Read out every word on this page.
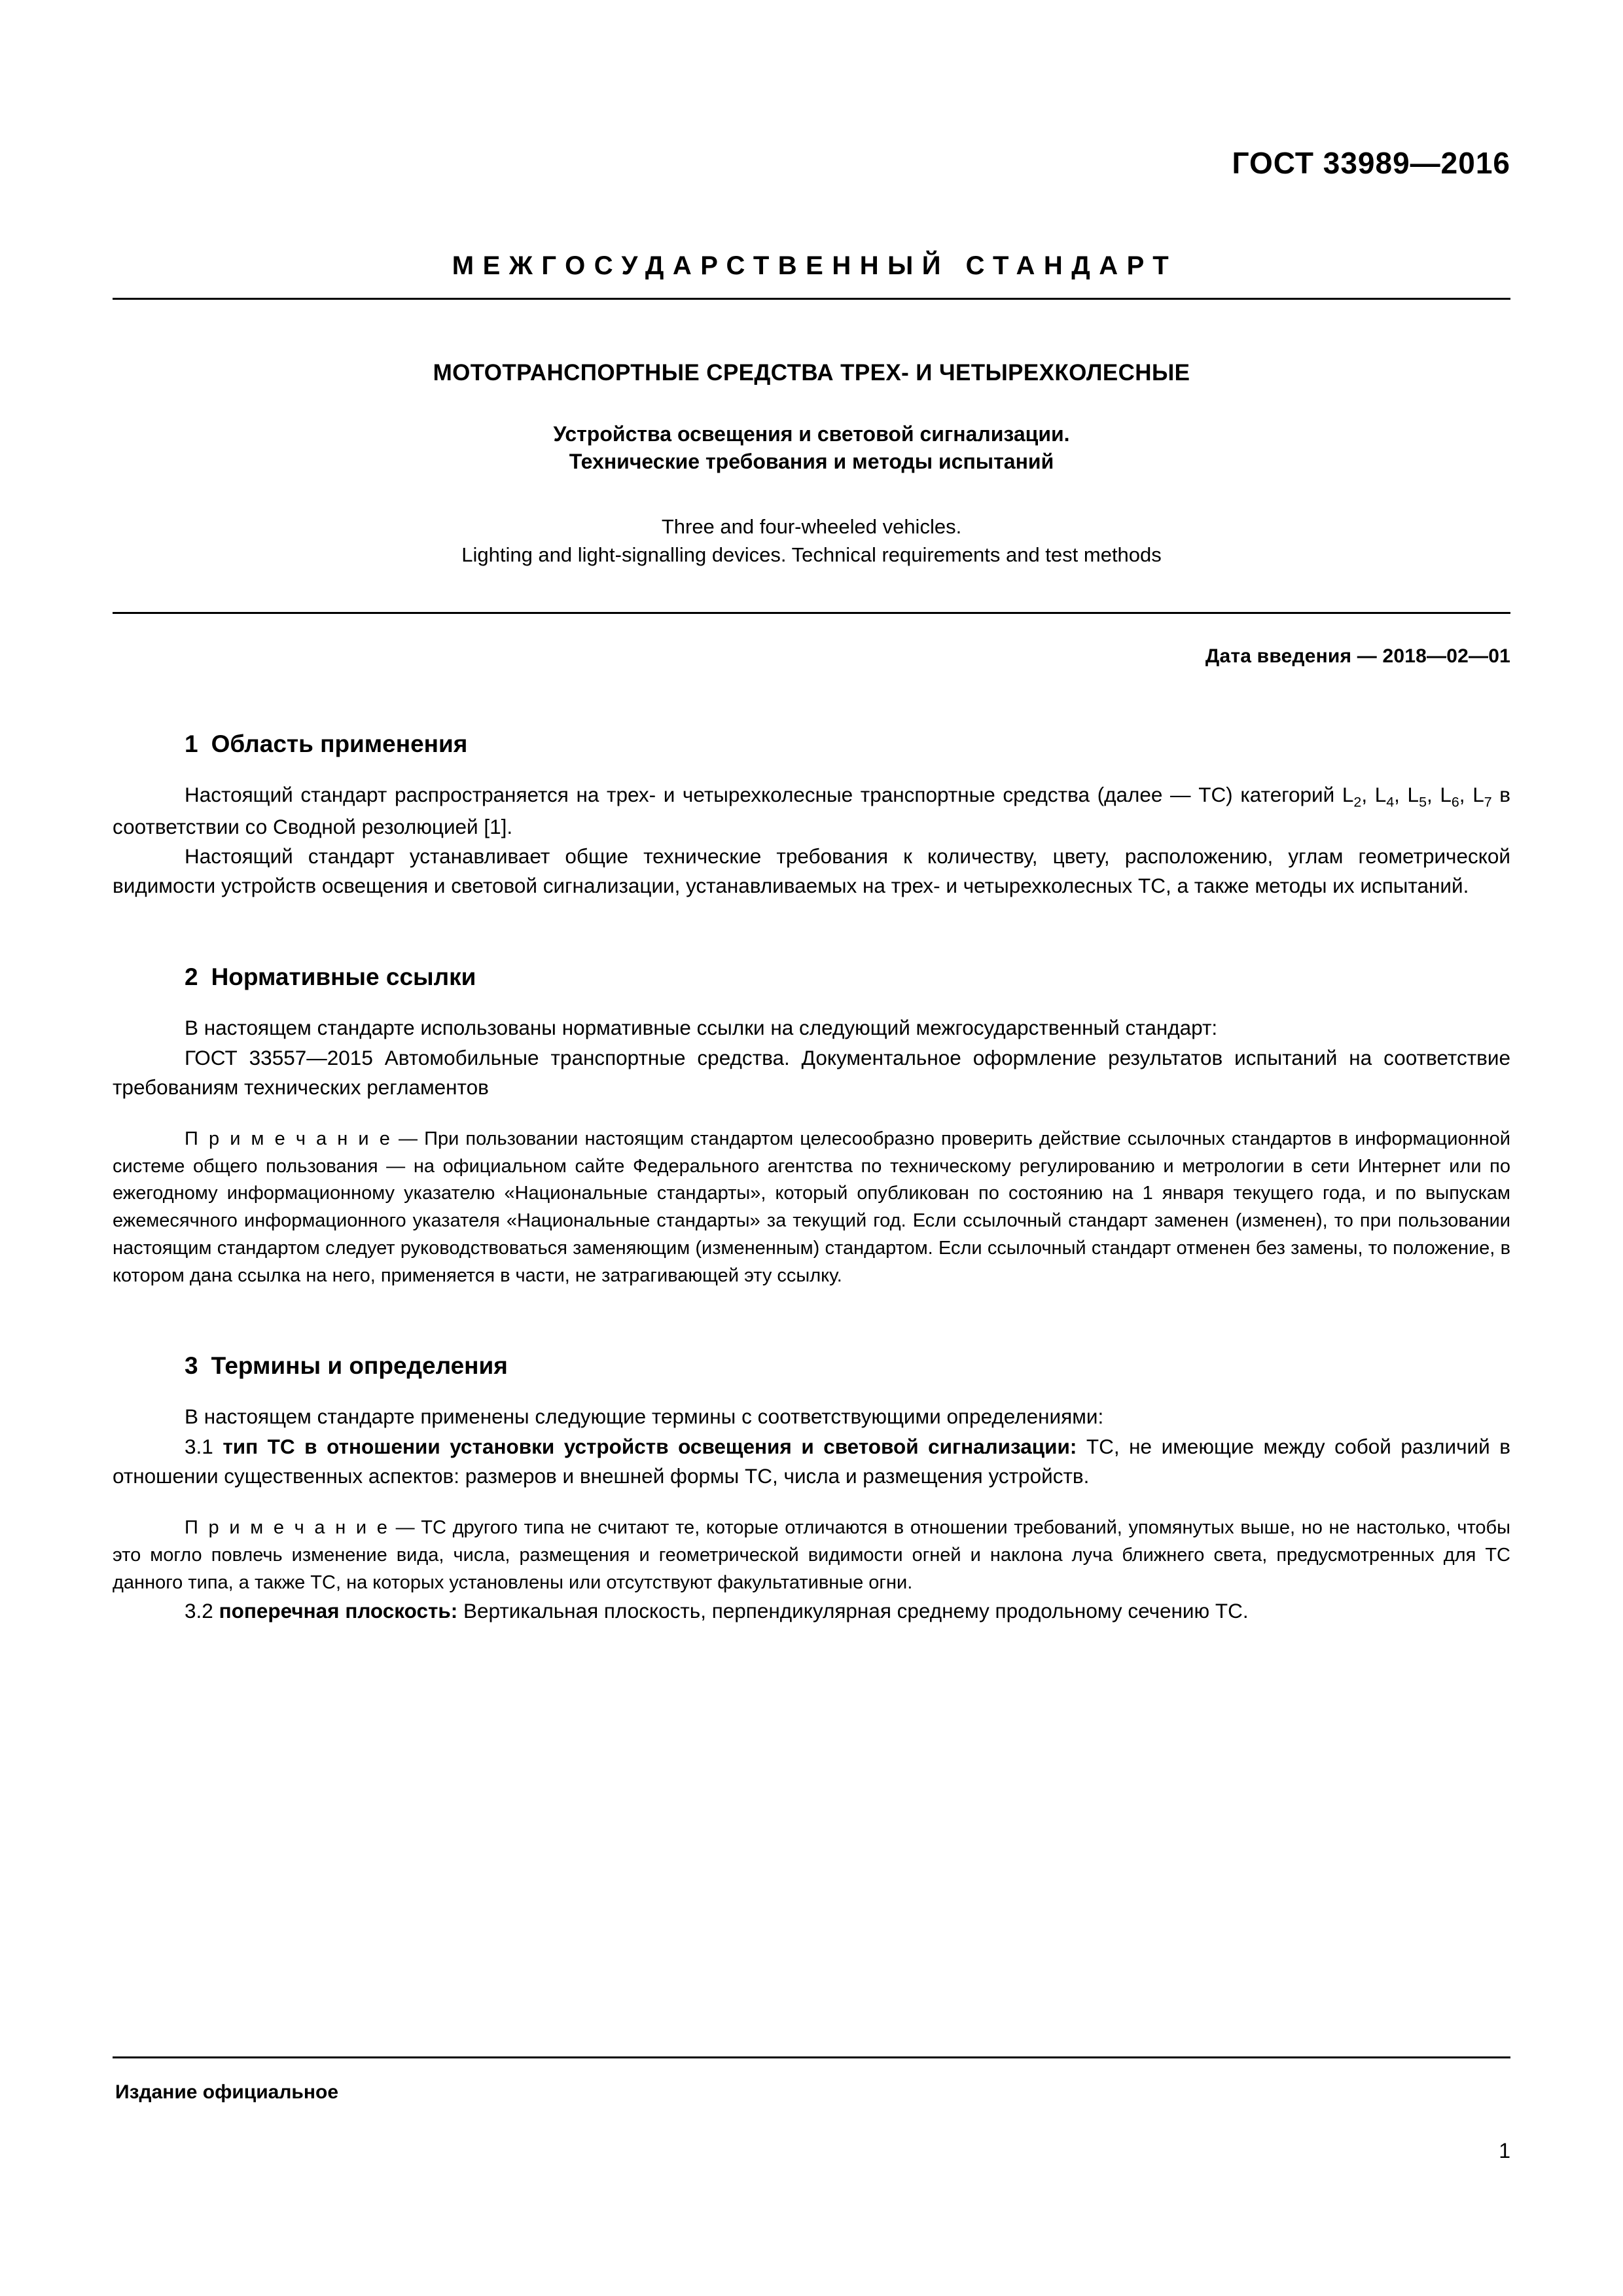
ГОСТ 33989—2016
МЕЖГОСУДАРСТВЕННЫЙ СТАНДАРТ
МОТОТРАНСПОРТНЫЕ СРЕДСТВА ТРЕХ- И ЧЕТЫРЕХКОЛЕСНЫЕ
Устройства освещения и световой сигнализации.
Технические требования и методы испытаний
Three and four-wheeled vehicles.
Lighting and light-signalling devices. Technical requirements and test methods
Дата введения — 2018—02—01
1 Область применения

Настоящий стандарт распространяется на трех- и четырехколесные транспортные средства (далее — ТС) категорий $L_2$, $L_4$, $L_5$, $L_6$, $L_7$ в соответствии со Сводной резолюцией [1].

Настоящий стандарт устанавливает общие технические требования к количеству, цвету, расположению, углам геометрической видимости устройств освещения и световой сигнализации, устанавливаемых на трех- и четырехколесных ТС, а также методы их испытаний.

2 Нормативные ссылки

В настоящем стандарте использованы нормативные ссылки на следующий межгосударственный стандарт:

ГОСТ 33557—2015 Автомобильные транспортные средства. Документальное оформление результатов испытаний на соответствие требованиям технических регламентов

П р и м е ч а н и е — При пользовании настоящим стандартом целесообразно проверить действие ссылочных стандартов в информационной системе общего пользования — на официальном сайте Федерального агентства по техническому регулированию и метрологии в сети Интернет или по ежегодному информационному указателю «Национальные стандарты», который опубликован по состоянию на 1 января текущего года, и по выпускам ежемесячного информационного указателя «Национальные стандарты» за текущий год. Если ссылочный стандарт заменен (изменен), то при пользовании настоящим стандартом следует руководствоваться заменяющим (измененным) стандартом. Если ссылочный стандарт отменен без замены, то положение, в котором дана ссылка на него, применяется в части, не затрагивающей эту ссылку.

3 Термины и определения

В настоящем стандарте применены следующие термины с соответствующими определениями:

3.1 тип ТС в отношении установки устройств освещения и световой сигнализации: ТС, не имеющие между собой различий в отношении существенных аспектов: размеров и внешней формы ТС, числа и размещения устройств.

П р и м е ч а н и е — ТС другого типа не считают те, которые отличаются в отношении требований, упомянутых выше, но не настолько, чтобы это могло повлечь изменение вида, числа, размещения и геометрической видимости огней и наклона луча ближнего света, предусмотренных для ТС данного типа, а также ТС, на которых установлены или отсутствуют факультативные огни.

3.2 поперечная плоскость: Вертикальная плоскость, перпендикулярная среднему продольному сечению ТС.

Издание официальное
1
